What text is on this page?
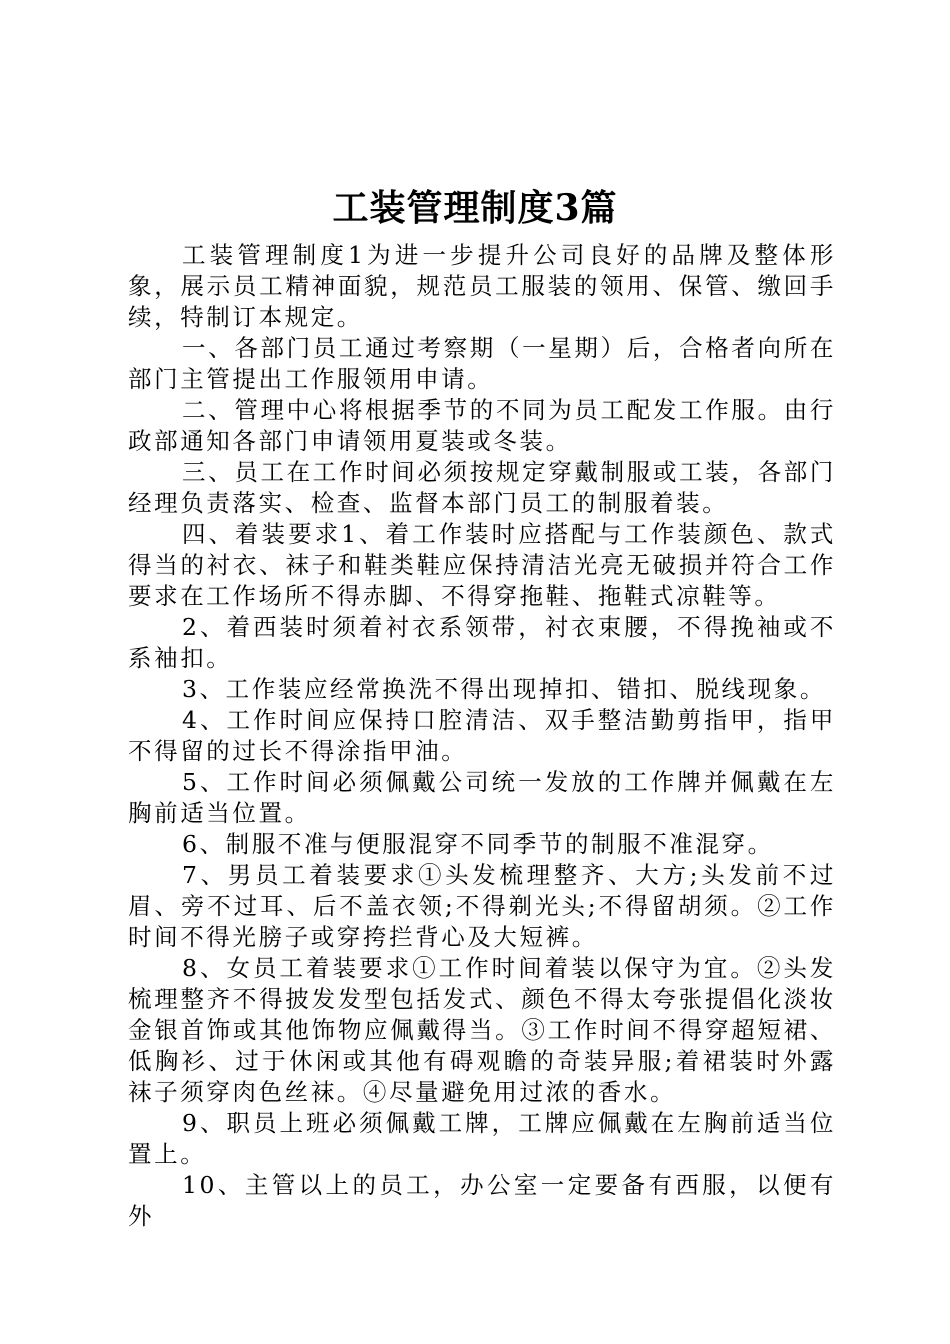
工装管理制度3篇

工装管理制度1为进一步提升公司良好的品牌及整体形象，展示员工精神面貌，规范员工服装的领用、保管、缴回手续，特制订本规定。

一、各部门员工通过考察期（一星期）后，合格者向所在部门主管提出工作服领用申请。

二、管理中心将根据季节的不同为员工配发工作服。由行政部通知各部门申请领用夏装或冬装。

三、员工在工作时间必须按规定穿戴制服或工装，各部门经理负责落实、检查、监督本部门员工的制服着装。

四、着装要求1、着工作装时应搭配与工作装颜色、款式得当的衬衣、袜子和鞋类鞋应保持清洁光亮无破损并符合工作要求在工作场所不得赤脚、不得穿拖鞋、拖鞋式凉鞋等。

2、着西装时须着衬衣系领带，衬衣束腰，不得挽袖或不系袖扣。

3、工作装应经常换洗不得出现掉扣、错扣、脱线现象。

4、工作时间应保持口腔清洁、双手整洁勤剪指甲，指甲不得留的过长不得涂指甲油。

5、工作时间必须佩戴公司统一发放的工作牌并佩戴在左胸前适当位置。

6、制服不准与便服混穿不同季节的制服不准混穿。

7、男员工着装要求①头发梳理整齐、大方;头发前不过眉、旁不过耳、后不盖衣领;不得剃光头;不得留胡须。②工作时间不得光膀子或穿挎拦背心及大短裤。

8、女员工着装要求①工作时间着装以保守为宜。②头发梳理整齐不得披发发型包括发式、颜色不得太夸张提倡化淡妆金银首饰或其他饰物应佩戴得当。③工作时间不得穿超短裙、低胸衫、过于休闲或其他有碍观瞻的奇装异服;着裙装时外露袜子须穿肉色丝袜。④尽量避免用过浓的香水。

9、职员上班必须佩戴工牌，工牌应佩戴在左胸前适当位置上。

10、主管以上的员工，办公室一定要备有西服，以便有外
